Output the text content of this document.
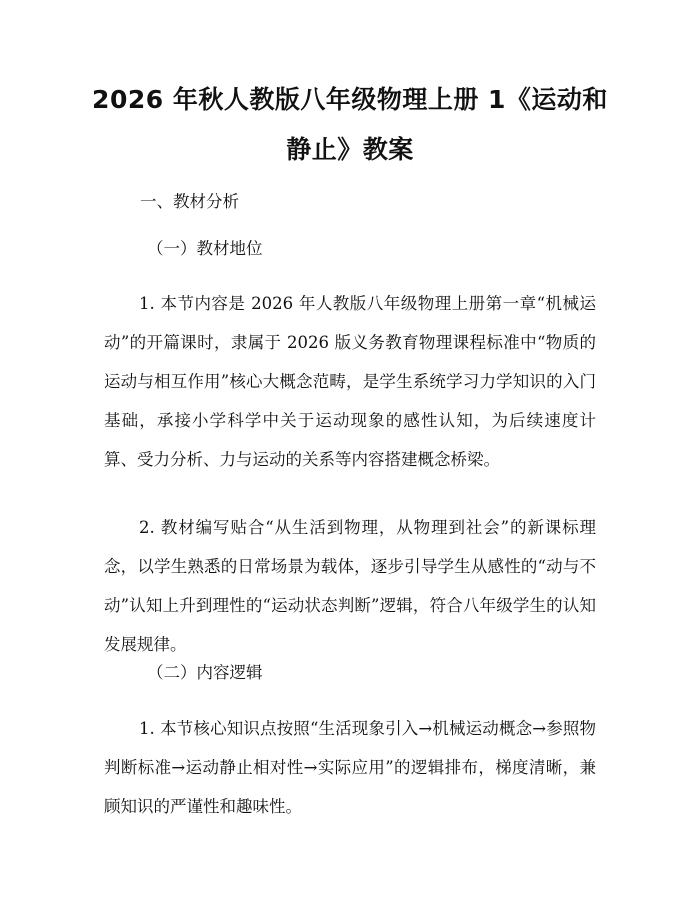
2026 年秋人教版八年级物理上册 1《运动和
静止》教案
一、教材分析
（一）教材地位
1. 本节内容是 2026 年人教版八年级物理上册第一章“机械运动”的开篇课时，隶属于 2026 版义务教育物理课程标准中“物质的运动与相互作用”核心大概念范畴，是学生系统学习力学知识的入门基础，承接小学科学中关于运动现象的感性认知，为后续速度计算、受力分析、力与运动的关系等内容搭建概念桥梁。
2. 教材编写贴合“从生活到物理，从物理到社会”的新课标理念，以学生熟悉的日常场景为载体，逐步引导学生从感性的“动与不动”认知上升到理性的“运动状态判断”逻辑，符合八年级学生的认知发展规律。
（二）内容逻辑
1. 本节核心知识点按照“生活现象引入→机械运动概念→参照物判断标准→运动静止相对性→实际应用”的逻辑排布，梯度清晰，兼顾知识的严谨性和趣味性。
